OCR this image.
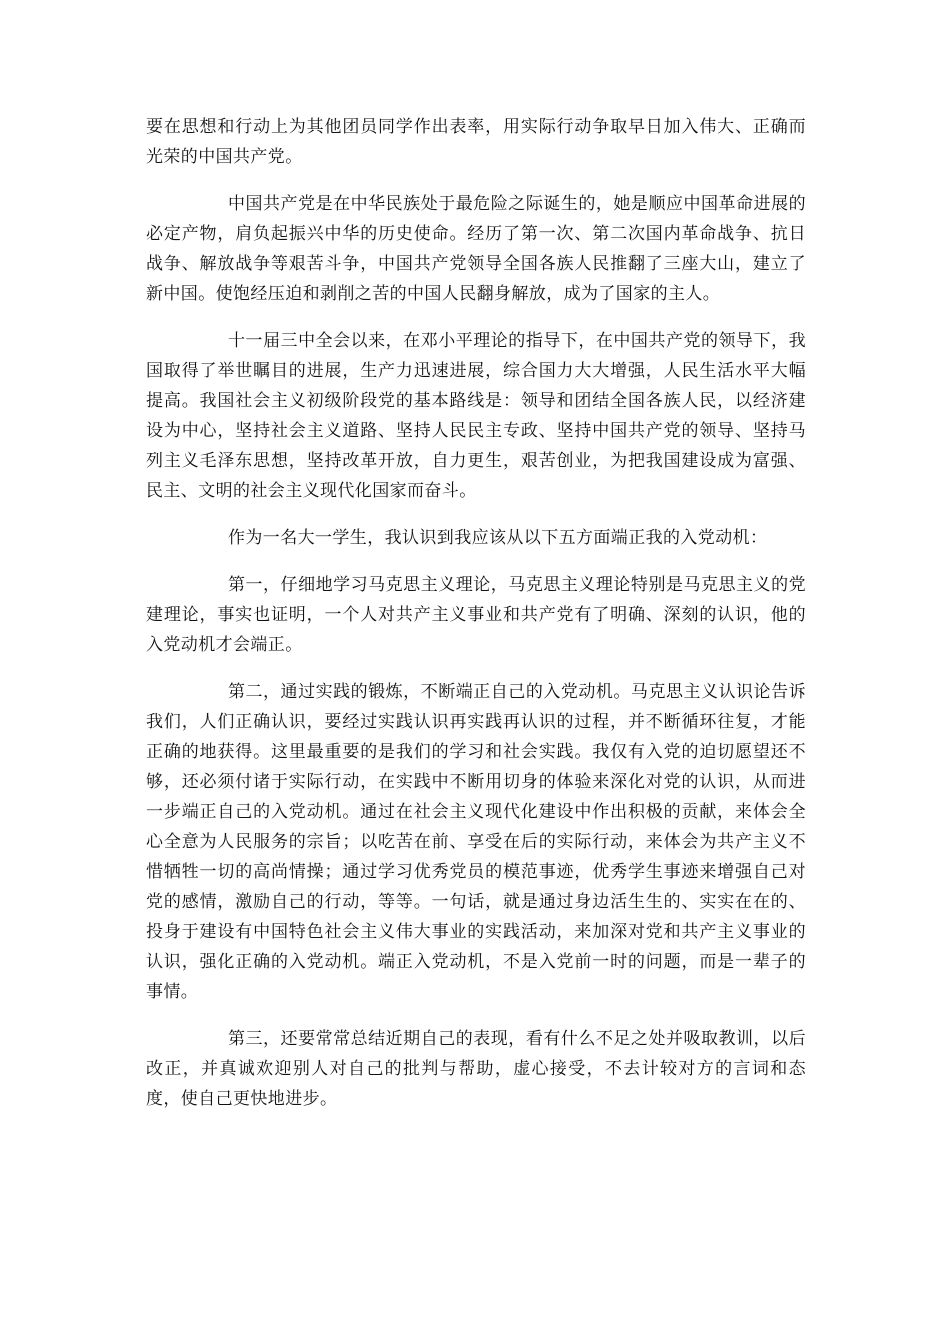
要在思想和行动上为其他团员同学作出表率，用实际行动争取早日加入伟大、正确而光荣的中国共产党。

中国共产党是在中华民族处于最危险之际诞生的，她是顺应中国革命进展的必定产物，肩负起振兴中华的历史使命。经历了第一次、第二次国内革命战争、抗日战争、解放战争等艰苦斗争，中国共产党领导全国各族人民推翻了三座大山，建立了新中国。使饱经压迫和剥削之苦的中国人民翻身解放，成为了国家的主人。

十一届三中全会以来，在邓小平理论的指导下，在中国共产党的领导下，我国取得了举世瞩目的进展，生产力迅速进展，综合国力大大增强，人民生活水平大幅提高。我国社会主义初级阶段党的基本路线是：领导和团结全国各族人民，以经济建设为中心，坚持社会主义道路、坚持人民民主专政、坚持中国共产党的领导、坚持马列主义毛泽东思想，坚持改革开放，自力更生，艰苦创业，为把我国建设成为富强、民主、文明的社会主义现代化国家而奋斗。

作为一名大一学生，我认识到我应该从以下五方面端正我的入党动机：

第一，仔细地学习马克思主义理论，马克思主义理论特别是马克思主义的党建理论，事实也证明，一个人对共产主义事业和共产党有了明确、深刻的认识，他的入党动机才会端正。

第二，通过实践的锻炼，不断端正自己的入党动机。马克思主义认识论告诉我们，人们正确认识，要经过实践认识再实践再认识的过程，并不断循环往复，才能正确的地获得。这里最重要的是我们的学习和社会实践。我仅有入党的迫切愿望还不够，还必须付诸于实际行动，在实践中不断用切身的体验来深化对党的认识，从而进一步端正自己的入党动机。通过在社会主义现代化建设中作出积极的贡献，来体会全心全意为人民服务的宗旨；以吃苦在前、享受在后的实际行动，来体会为共产主义不惜牺牲一切的高尚情操；通过学习优秀党员的模范事迹，优秀学生事迹来增强自己对党的感情，激励自己的行动，等等。一句话，就是通过身边活生生的、实实在在的、投身于建设有中国特色社会主义伟大事业的实践活动，来加深对党和共产主义事业的认识，强化正确的入党动机。端正入党动机，不是入党前一时的问题，而是一辈子的事情。

第三，还要常常总结近期自己的表现，看有什么不足之处并吸取教训，以后改正，并真诚欢迎别人对自己的批判与帮助，虚心接受，不去计较对方的言词和态度，使自己更快地进步。
